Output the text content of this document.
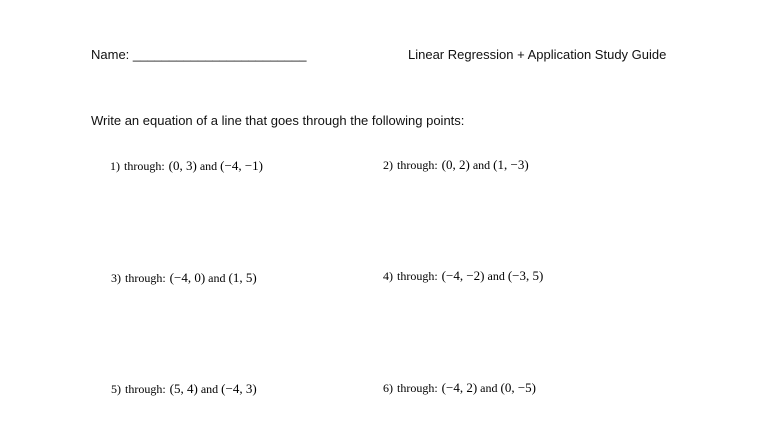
Name: ________________________	Linear Regression + Application Study Guide
Write an equation of a line that goes through the following points:
1) through: (0, 3) and (−4, −1)	2) through: (0, 2) and (1, −3)
3) through: (−4, 0) and (1, 5)	4) through: (−4, −2) and (−3, 5)
5) through: (5, 4) and (−4, 3)	6) through: (−4, 2) and (0, −5)
